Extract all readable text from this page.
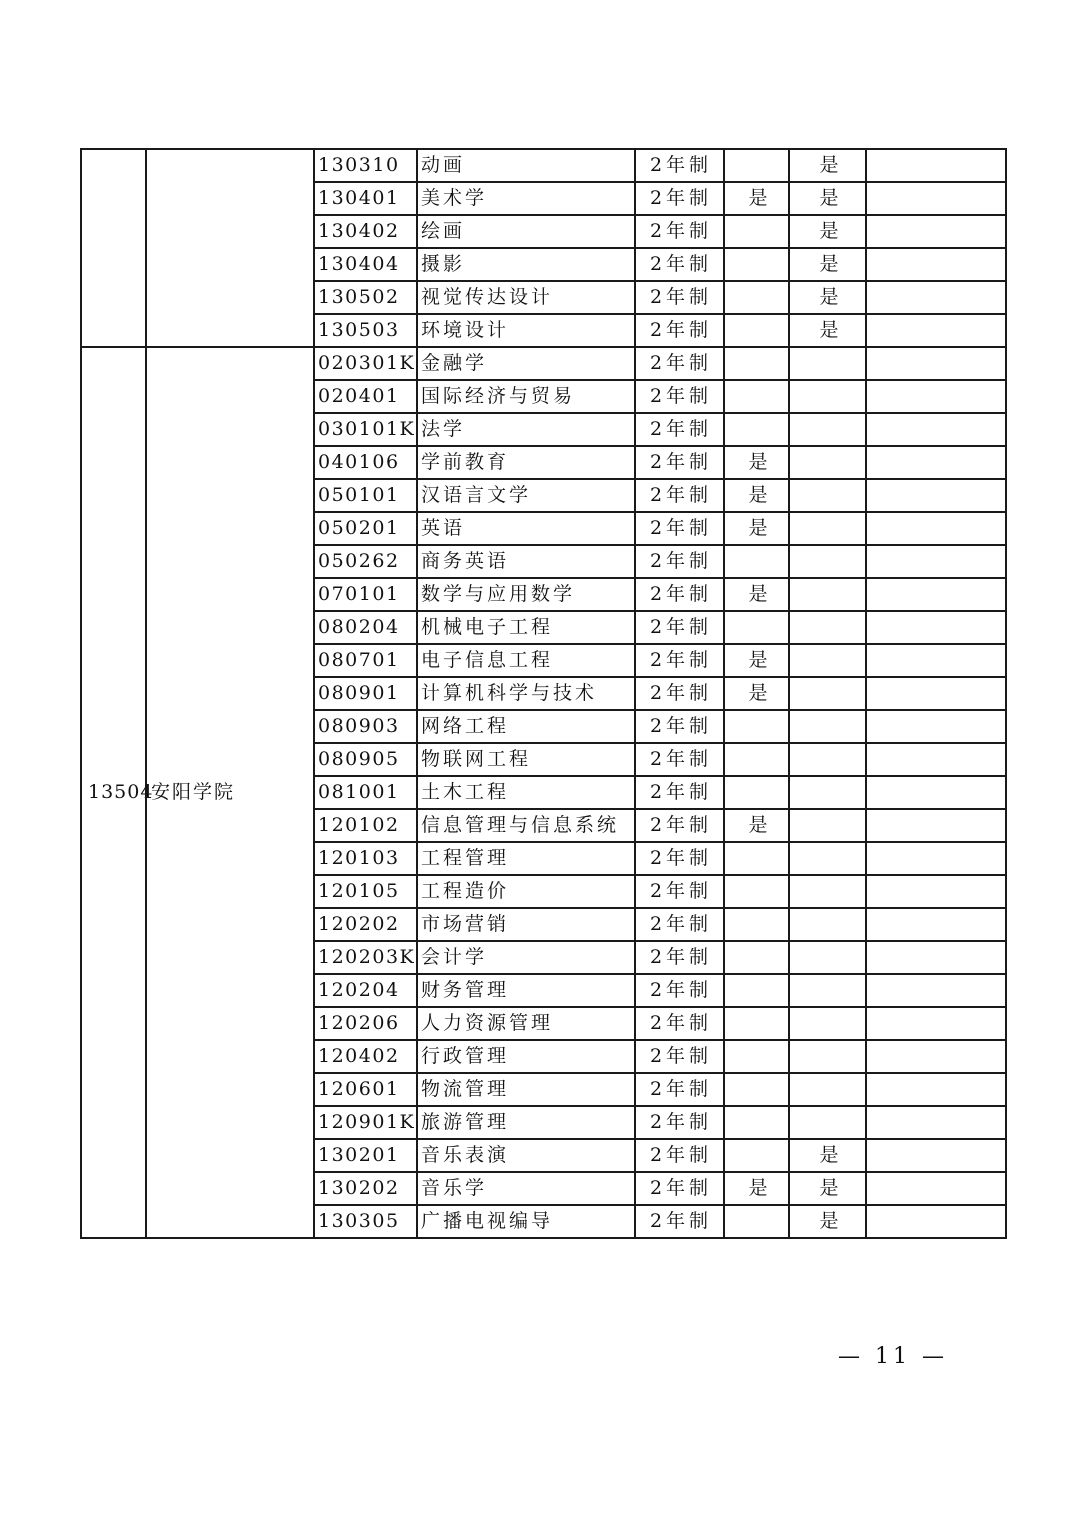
		130310	动画	2年制		是	
		130401	美术学	2年制	是	是	
		130402	绘画	2年制		是	
		130404	摄影	2年制		是	
		130502	视觉传达设计	2年制		是	
		130503	环境设计	2年制		是	
13504	安阳学院	020301K	金融学	2年制			
		020401	国际经济与贸易	2年制			
		030101K	法学	2年制			
		040106	学前教育	2年制	是		
		050101	汉语言文学	2年制	是		
		050201	英语	2年制	是		
		050262	商务英语	2年制			
		070101	数学与应用数学	2年制	是		
		080204	机械电子工程	2年制			
		080701	电子信息工程	2年制	是		
		080901	计算机科学与技术	2年制	是		
		080903	网络工程	2年制			
		080905	物联网工程	2年制			
		081001	土木工程	2年制			
		120102	信息管理与信息系统	2年制	是		
		120103	工程管理	2年制			
		120105	工程造价	2年制			
		120202	市场营销	2年制			
		120203K	会计学	2年制			
		120204	财务管理	2年制			
		120206	人力资源管理	2年制			
		120402	行政管理	2年制			
		120601	物流管理	2年制			
		120901K	旅游管理	2年制			
		130201	音乐表演	2年制		是	
		130202	音乐学	2年制	是	是	
		130305	广播电视编导	2年制		是	
— 11 —
